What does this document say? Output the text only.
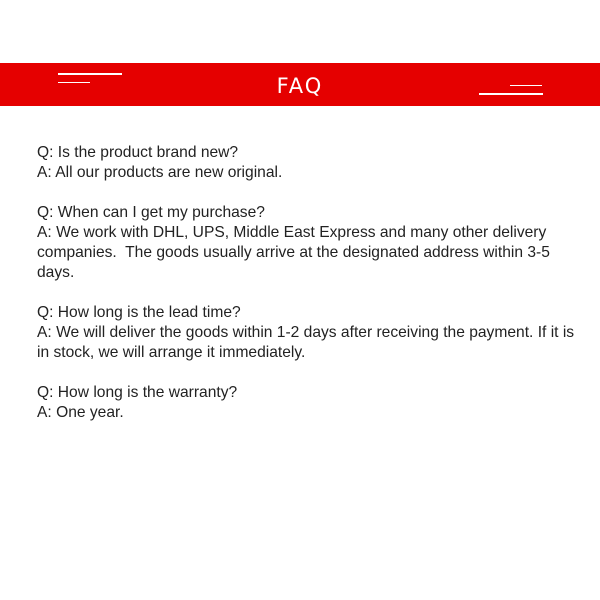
FAQ

Q: Is the product brand new?

A: All our products are new original.

Q: When can I get my purchase?

A: We work with DHL, UPS, Middle East Express and many other delivery companies.  The goods usually arrive at the designated address within 3-5 days.

Q: How long is the lead time?

A: We will deliver the goods within 1-2 days after receiving the payment. If it is in stock, we will arrange it immediately.

Q: How long is the warranty?

A: One year.
